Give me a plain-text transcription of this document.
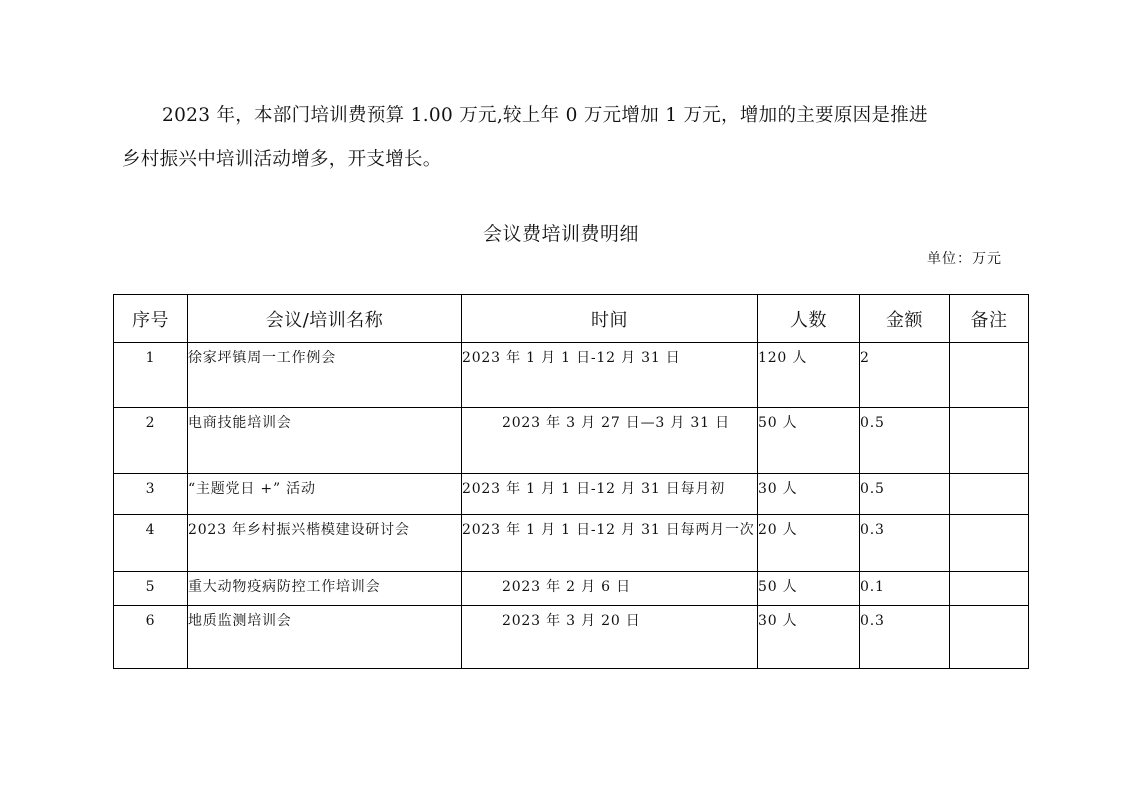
2023 年，本部门培训费预算 1.00 万元,较上年 0 万元增加 1 万元，增加的主要原因是推进
乡村振兴中培训活动增多，开支增长。
会议费培训费明细
单位：万元
序号	会议/培训名称	时间	人数	金额	备注
1	徐家坪镇周一工作例会	2023 年 1 月 1 日-12 月 31 日	120 人	2	
2	电商技能培训会	2023 年 3 月 27 日—3 月 31 日	50 人	0.5	
3	“主题党日 +” 活动	2023 年 1 月 1 日-12 月 31 日每月初	30 人	0.5	
4	2023 年乡村振兴楷模建设研讨会	2023 年 1 月 1 日-12 月 31 日每两月一次	20 人	0.3	
5	重大动物疫病防控工作培训会	2023 年 2 月 6 日	50 人	0.1	
6	地质监测培训会	2023 年 3 月 20 日	30 人	0.3	
